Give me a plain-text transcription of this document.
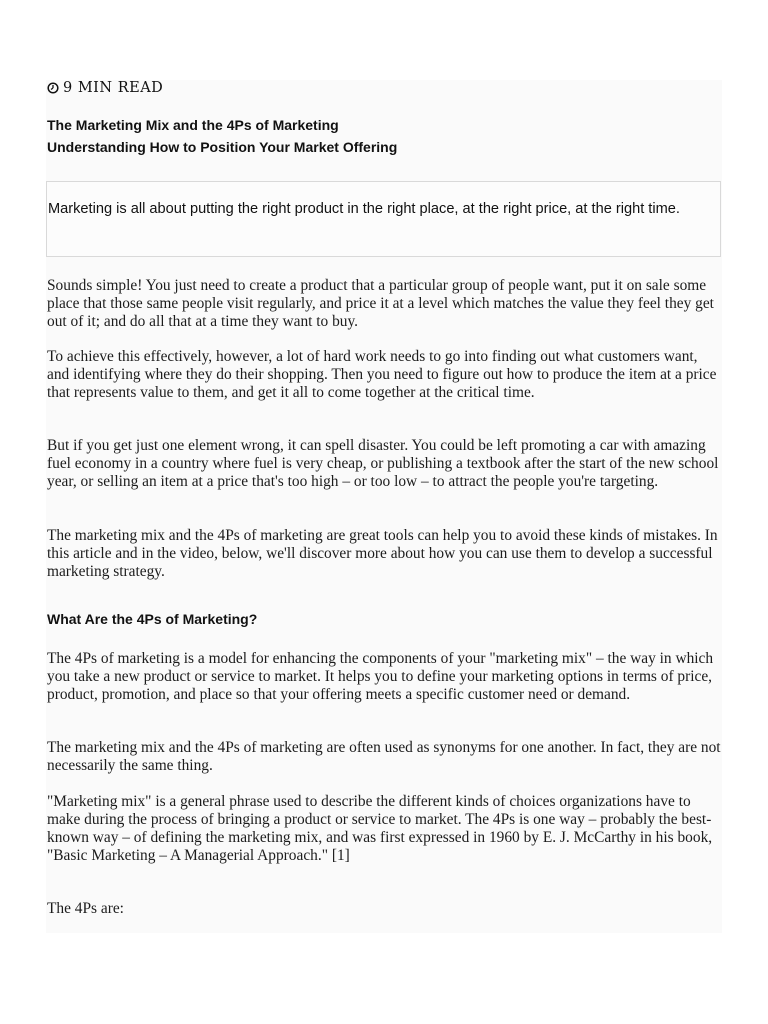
9 MIN READ
The Marketing Mix and the 4Ps of Marketing
Understanding How to Position Your Market Offering
Marketing is all about putting the right product in the right place, at the right price, at the right time.

Sounds simple! You just need to create a product that a particular group of people want, put it on sale some place that those same people visit regularly, and price it at a level which matches the value they feel they get out of it; and do all that at a time they want to buy.

To achieve this effectively, however, a lot of hard work needs to go into finding out what customers want, and identifying where they do their shopping. Then you need to figure out how to produce the item at a price that represents value to them, and get it all to come together at the critical time.

But if you get just one element wrong, it can spell disaster. You could be left promoting a car with amazing fuel economy in a country where fuel is very cheap, or publishing a textbook after the start of the new school year, or selling an item at a price that's too high – or too low – to attract the people you're targeting.

The marketing mix and the 4Ps of marketing are great tools can help you to avoid these kinds of mistakes. In this article and in the video, below, we'll discover more about how you can use them to develop a successful marketing strategy.

What Are the 4Ps of Marketing?

The 4Ps of marketing is a model for enhancing the components of your "marketing mix" – the way in which you take a new product or service to market. It helps you to define your marketing options in terms of price, product, promotion, and place so that your offering meets a specific customer need or demand.

The marketing mix and the 4Ps of marketing are often used as synonyms for one another. In fact, they are not necessarily the same thing.

"Marketing mix" is a general phrase used to describe the different kinds of choices organizations have to make during the process of bringing a product or service to market. The 4Ps is one way – probably the best-known way – of defining the marketing mix, and was first expressed in 1960 by E. J. McCarthy in his book, "Basic Marketing – A Managerial Approach." [1]

The 4Ps are:
